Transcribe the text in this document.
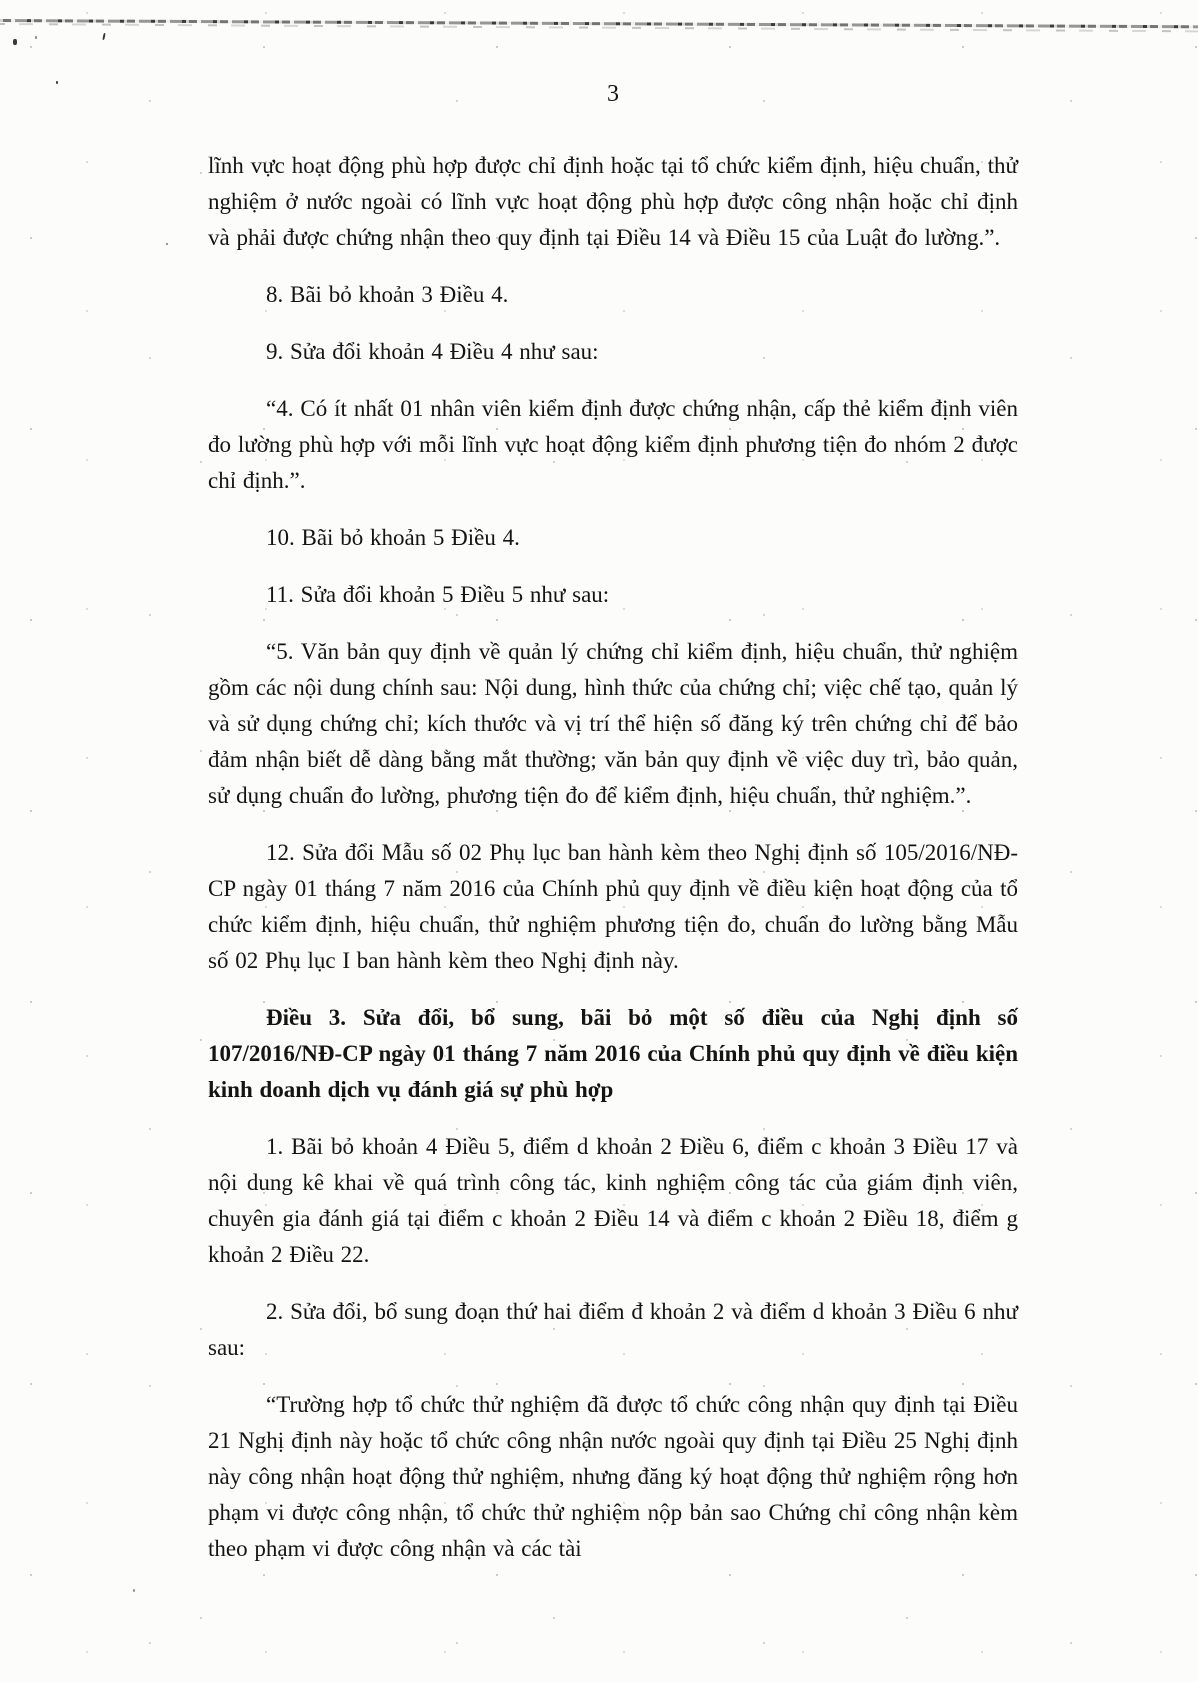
3

lĩnh vực hoạt động phù hợp được chỉ định hoặc tại tổ chức kiểm định, hiệu chuẩn, thử nghiệm ở nước ngoài có lĩnh vực hoạt động phù hợp được công nhận hoặc chỉ định và phải được chứng nhận theo quy định tại Điều 14 và Điều 15 của Luật đo lường.”.

8. Bãi bỏ khoản 3 Điều 4.

9. Sửa đổi khoản 4 Điều 4 như sau:

“4. Có ít nhất 01 nhân viên kiểm định được chứng nhận, cấp thẻ kiểm định viên đo lường phù hợp với mỗi lĩnh vực hoạt động kiểm định phương tiện đo nhóm 2 được chỉ định.”.

10. Bãi bỏ khoản 5 Điều 4.

11. Sửa đổi khoản 5 Điều 5 như sau:

“5. Văn bản quy định về quản lý chứng chỉ kiểm định, hiệu chuẩn, thử nghiệm gồm các nội dung chính sau: Nội dung, hình thức của chứng chỉ; việc chế tạo, quản lý và sử dụng chứng chỉ; kích thước và vị trí thể hiện số đăng ký trên chứng chỉ để bảo đảm nhận biết dễ dàng bằng mắt thường; văn bản quy định về việc duy trì, bảo quản, sử dụng chuẩn đo lường, phương tiện đo để kiểm định, hiệu chuẩn, thử nghiệm.”.

12. Sửa đổi Mẫu số 02 Phụ lục ban hành kèm theo Nghị định số 105/2016/NĐ-CP ngày 01 tháng 7 năm 2016 của Chính phủ quy định về điều kiện hoạt động của tổ chức kiểm định, hiệu chuẩn, thử nghiệm phương tiện đo, chuẩn đo lường bằng Mẫu số 02 Phụ lục I ban hành kèm theo Nghị định này.

Điều 3. Sửa đổi, bổ sung, bãi bỏ một số điều của Nghị định số 107/2016/NĐ-CP ngày 01 tháng 7 năm 2016 của Chính phủ quy định về điều kiện kinh doanh dịch vụ đánh giá sự phù hợp

1. Bãi bỏ khoản 4 Điều 5, điểm d khoản 2 Điều 6, điểm c khoản 3 Điều 17 và nội dung kê khai về quá trình công tác, kinh nghiệm công tác của giám định viên, chuyên gia đánh giá tại điểm c khoản 2 Điều 14 và điểm c khoản 2 Điều 18, điểm g khoản 2 Điều 22.

2. Sửa đổi, bổ sung đoạn thứ hai điểm đ khoản 2 và điểm d khoản 3 Điều 6 như sau:

“Trường hợp tổ chức thử nghiệm đã được tổ chức công nhận quy định tại Điều 21 Nghị định này hoặc tổ chức công nhận nước ngoài quy định tại Điều 25 Nghị định này công nhận hoạt động thử nghiệm, nhưng đăng ký hoạt động thử nghiệm rộng hơn phạm vi được công nhận, tổ chức thử nghiệm nộp bản sao Chứng chỉ công nhận kèm theo phạm vi được công nhận và các tài
